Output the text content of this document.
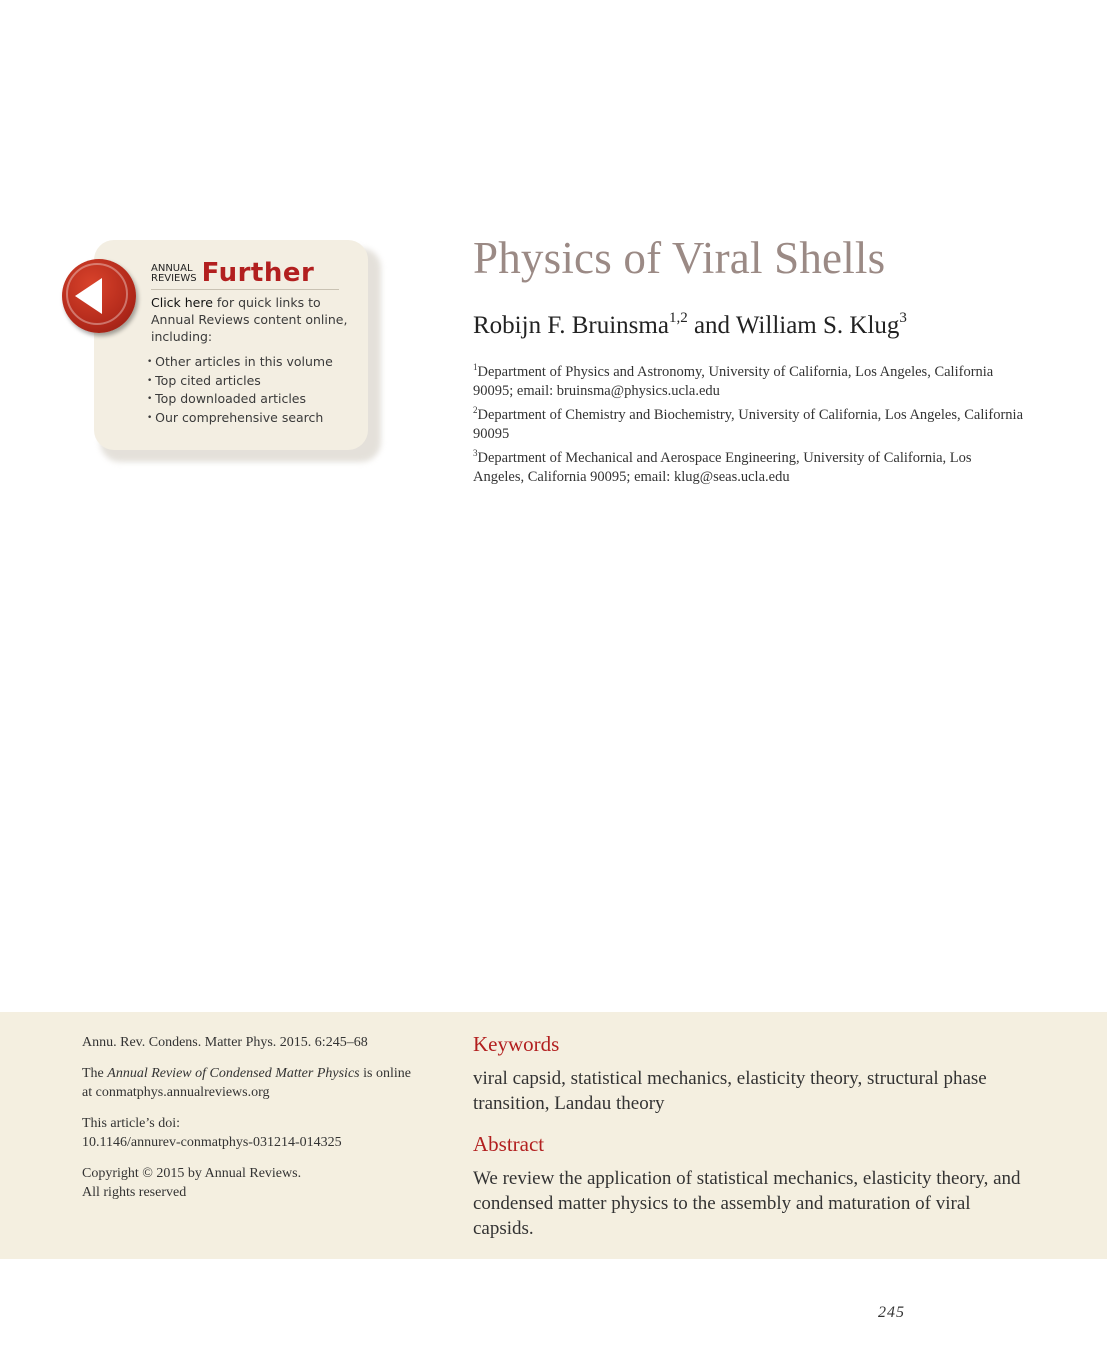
ANNUAL
REVIEWS Further
Click here for quick links to Annual Reviews content online, including:
• Other articles in this volume
• Top cited articles
• Top downloaded articles
• Our comprehensive search
Physics of Viral Shells
Robijn F. Bruinsma$^{1,2}$ and William S. Klug$^3$
$^1$Department of Physics and Astronomy, University of California, Los Angeles, California 90095; email: bruinsma@physics.ucla.edu
$^2$Department of Chemistry and Biochemistry, University of California, Los Angeles, California 90095
$^3$Department of Mechanical and Aerospace Engineering, University of California, Los Angeles, California 90095; email: klug@seas.ucla.edu
Annu. Rev. Condens. Matter Phys. 2015. 6:245–68
The Annual Review of Condensed Matter Physics is online at conmatphys.annualreviews.org
This article’s doi:
10.1146/annurev-conmatphys-031214-014325
Copyright © 2015 by Annual Reviews.
All rights reserved
Keywords
viral capsid, statistical mechanics, elasticity theory, structural phase transition, Landau theory
Abstract
We review the application of statistical mechanics, elasticity theory, and condensed matter physics to the assembly and maturation of viral capsids.
245
